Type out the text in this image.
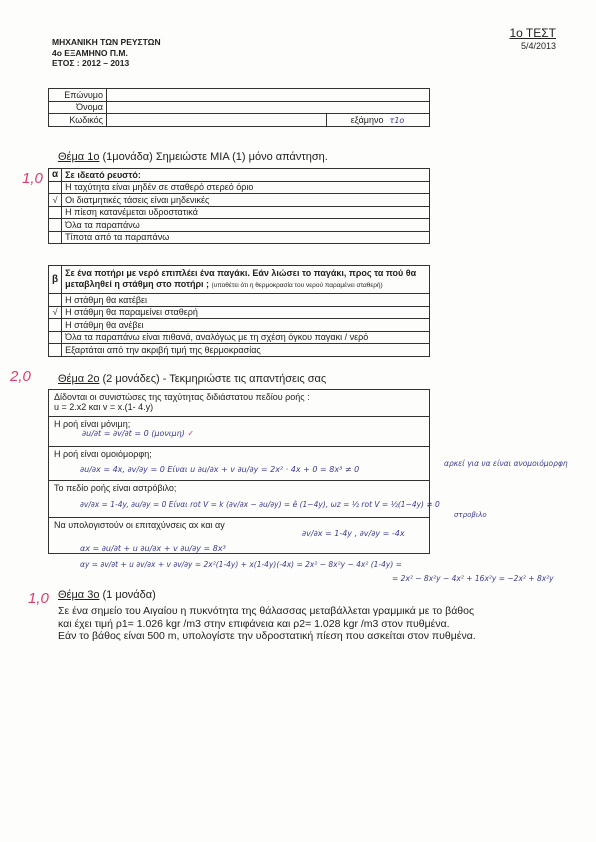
ΜΗΧΑΝΙΚΗ ΤΩΝ ΡΕΥΣΤΩΝ
4ο ΕΞΑΜΗΝΟ Π.Μ.
ΕΤΟΣ : 2012 – 2013
1ο ΤΕΣΤ
5/4/2013
Επώνυμο			
Όνομα			
Κωδικός		εξάμηνο	τ1ο
1,0
Θέμα 1ο (1μονάδα) Σημειώστε ΜΙΑ (1) μόνο απάντηση.
α	Σε ιδεατό ρευστό:
	Η ταχύτητα είναι μηδέν σε σταθερό στερεό όριο
√	Οι διατμητικές τάσεις είναι μηδενικές
	Η πίεση κατανέμεται υδροστατικά
	Όλα τα παραπάνω
	Τίποτα από τα παραπάνω
β	Σε ένα ποτήρι με νερό επιπλέει ένα παγάκι. Εάν λιώσει το παγάκι, προς τα πού θα μεταβληθεί η στάθμη στο ποτήρι ; (υποθέτει ότι η θερμοκρασία του νερού παραμένει σταθερή)
	Η στάθμη θα κατέβει
√	Η στάθμη θα παραμείνει σταθερή
	Η στάθμη θα ανέβει
	Όλα τα παραπάνω είναι πιθανά, αναλόγως με τη σχέση όγκου παγακι / νερό
	Εξαρτάται από την ακριβή τιμή της θερμοκρασίας
2,0 Θέμα 2ο (2 μονάδες) - Τεκμηριώστε τις απαντήσεις σας
Δίδονται οι συνιστώσες της ταχύτητας διδιάστατου πεδίου ροής :
u = 2.x2 και v = x.(1- 4.y)

Η ροή είναι μόνιμη;

Η ροή είναι ομοιόμορφη;

Το πεδίο ροής είναι αστρόβιλο;

Να υπολογιστούν οι επιταχύνσεις αx και αy
∂u/∂t = ∂v/∂t = 0 (μονιμη) ✓
∂u/∂x = 4x, ∂v/∂y = 0 Είναι u ∂u/∂x + v ∂u/∂y = 2x² · 4x + 0 = 8x³ ≠ 0
αρκεί για να είναι ανομοιόμορφη
∂v/∂x = 1-4y, ∂u/∂y = 0 Είναι rot V = k (∂v/∂x − ∂u/∂y) = ê (1−4y), ωz = ½ rot V = ½(1−4y) ≠ 0
στροβιλο
∂v/∂x = 1-4y , ∂v/∂y = -4x
αx = ∂u/∂t + u ∂u/∂x + v ∂u/∂y = 8x³
αy = ∂v/∂t + u ∂v/∂x + v ∂v/∂y = 2x²(1-4y) + x(1-4y)(-4x) = 2x² − 8x²y − 4x² (1-4y) =
= 2x² − 8x²y − 4x² + 16x²y = −2x² + 8x²y
1,0 Θέμα 3ο (1 μονάδα)
Σε ένα σημείο του Αιγαίου η πυκνότητα της θάλασσας μεταβάλλεται γραμμικά με το βάθος
και έχει τιμή ρ1= 1.026 kgr /m3 στην επιφάνεια και ρ2= 1.028 kgr /m3 στον πυθμένα.
Εάν το βάθος είναι 500 m, υπολογίστε την υδροστατική πίεση που ασκείται στον πυθμένα.
